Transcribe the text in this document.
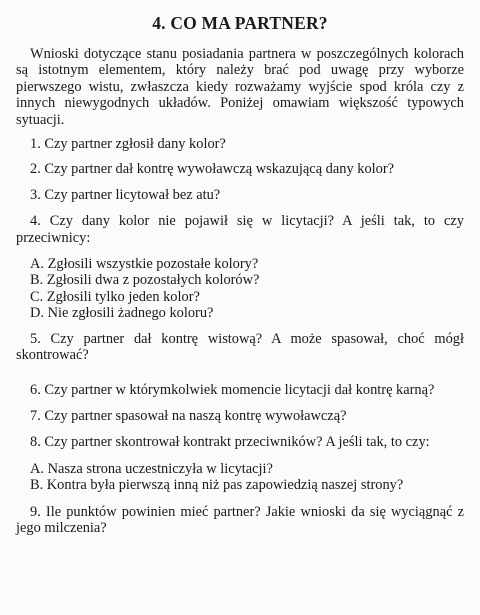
4. CO MA PARTNER?

Wnioski dotyczące stanu posiadania partnera w poszczególnych kolorach są istotnym elementem, który należy brać pod uwagę przy wyborze pierwszego wistu, zwłaszcza kiedy rozważamy wyjście spod króla czy z innych niewygodnych układów. Poniżej omawiam większość typowych sytuacji.

1. Czy partner zgłosił dany kolor?

2. Czy partner dał kontrę wywoławczą wskazującą dany kolor?

3. Czy partner licytował bez atu?

4. Czy dany kolor nie pojawił się w licytacji? A jeśli tak, to czy przeciwnicy:

A. Zgłosili wszystkie pozostałe kolory?

B. Zgłosili dwa z pozostałych kolorów?

C. Zgłosili tylko jeden kolor?

D. Nie zgłosili żadnego koloru?

5. Czy partner dał kontrę wistową? A może spasował, choć mógł skontrować?

6. Czy partner w którymkolwiek momencie licytacji dał kontrę karną?

7. Czy partner spasował na naszą kontrę wywoławczą?

8. Czy partner skontrował kontrakt przeciwników? A jeśli tak, to czy:

A. Nasza strona uczestniczyła w licytacji?

B. Kontra była pierwszą inną niż pas zapowiedzią naszej strony?

9. Ile punktów powinien mieć partner? Jakie wnioski da się wyciągnąć z jego milczenia?
